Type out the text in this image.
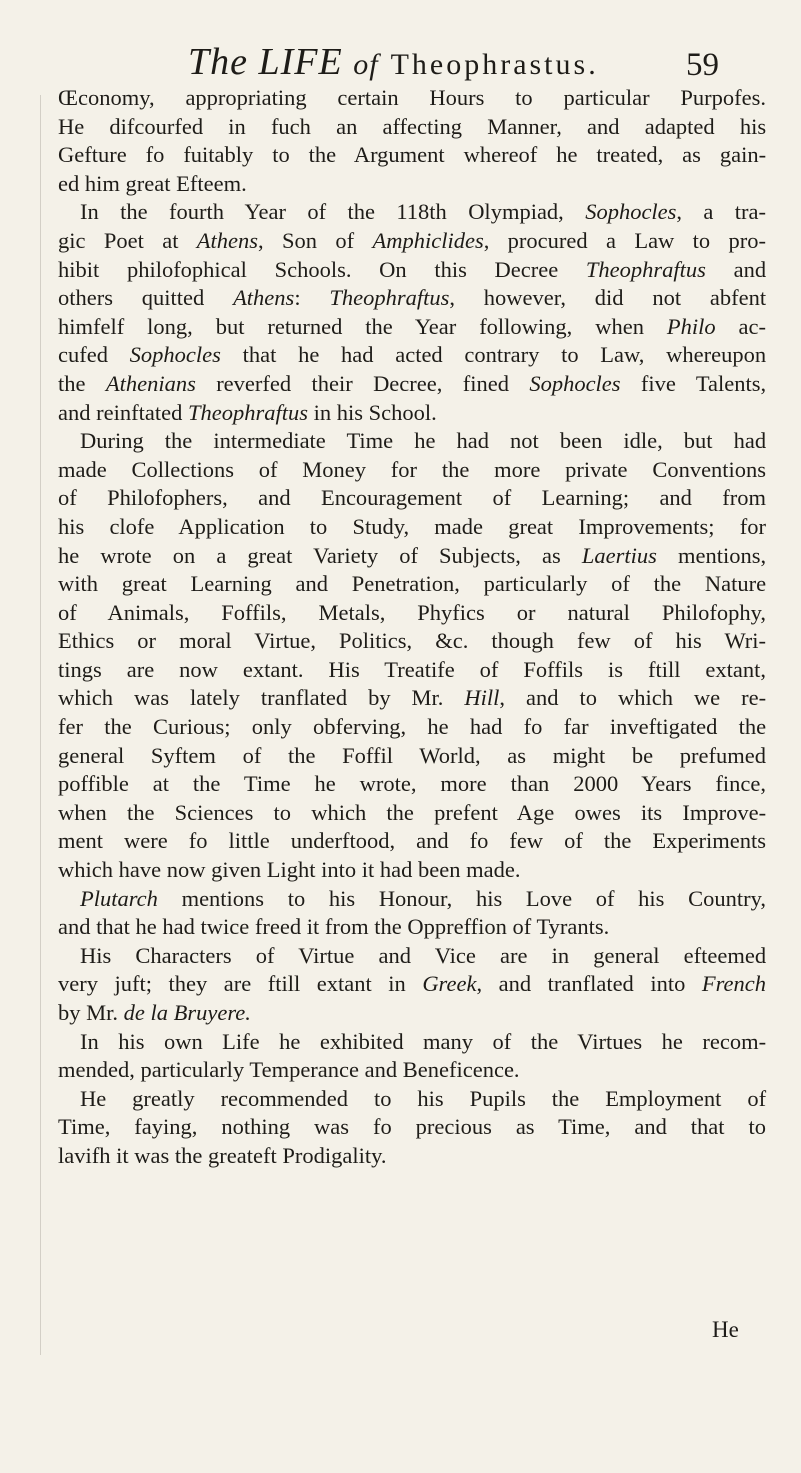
The LIFE of Theophrastus.	59

Œconomy, appropriating certain Hours to particular Purpofes.
He difcourfed in fuch an affecting Manner, and adapted his
Gefture fo fuitably to the Argument whereof he treated, as gain-
ed him great Efteem.

In the fourth Year of the 118th Olympiad, Sophocles, a tra-
gic Poet at Athens, Son of Amphiclides, procured a Law to pro-
hibit philofophical Schools. On this Decree Theophraftus and
others quitted Athens: Theophraftus, however, did not abfent
himfelf long, but returned the Year following, when Philo ac-
cufed Sophocles that he had acted contrary to Law, whereupon
the Athenians reverfed their Decree, fined Sophocles five Talents,
and reinftated Theophraftus in his School.

During the intermediate Time he had not been idle, but had
made Collections of Money for the more private Conventions
of Philofophers, and Encouragement of Learning; and from
his clofe Application to Study, made great Improvements; for
he wrote on a great Variety of Subjects, as Laertius mentions,
with great Learning and Penetration, particularly of the Nature
of Animals, Foffils, Metals, Phyfics or natural Philofophy,
Ethics or moral Virtue, Politics, &c. though few of his Wri-
tings are now extant. His Treatife of Foffils is ftill extant,
which was lately tranflated by Mr. Hill, and to which we re-
fer the Curious; only obferving, he had fo far inveftigated the
general Syftem of the Foffil World, as might be prefumed
poffible at the Time he wrote, more than 2000 Years fince,
when the Sciences to which the prefent Age owes its Improve-
ment were fo little underftood, and fo few of the Experiments
which have now given Light into it had been made.

Plutarch mentions to his Honour, his Love of his Country,
and that he had twice freed it from the Oppreffion of Tyrants.

His Characters of Virtue and Vice are in general efteemed
very juft; they are ftill extant in Greek, and tranflated into French
by Mr. de la Bruyere.

In his own Life he exhibited many of the Virtues he recom-
mended, particularly Temperance and Beneficence.

He greatly recommended to his Pupils the Employment of
Time, faying, nothing was fo precious as Time, and that to
lavifh it was the greateft Prodigality.

He
